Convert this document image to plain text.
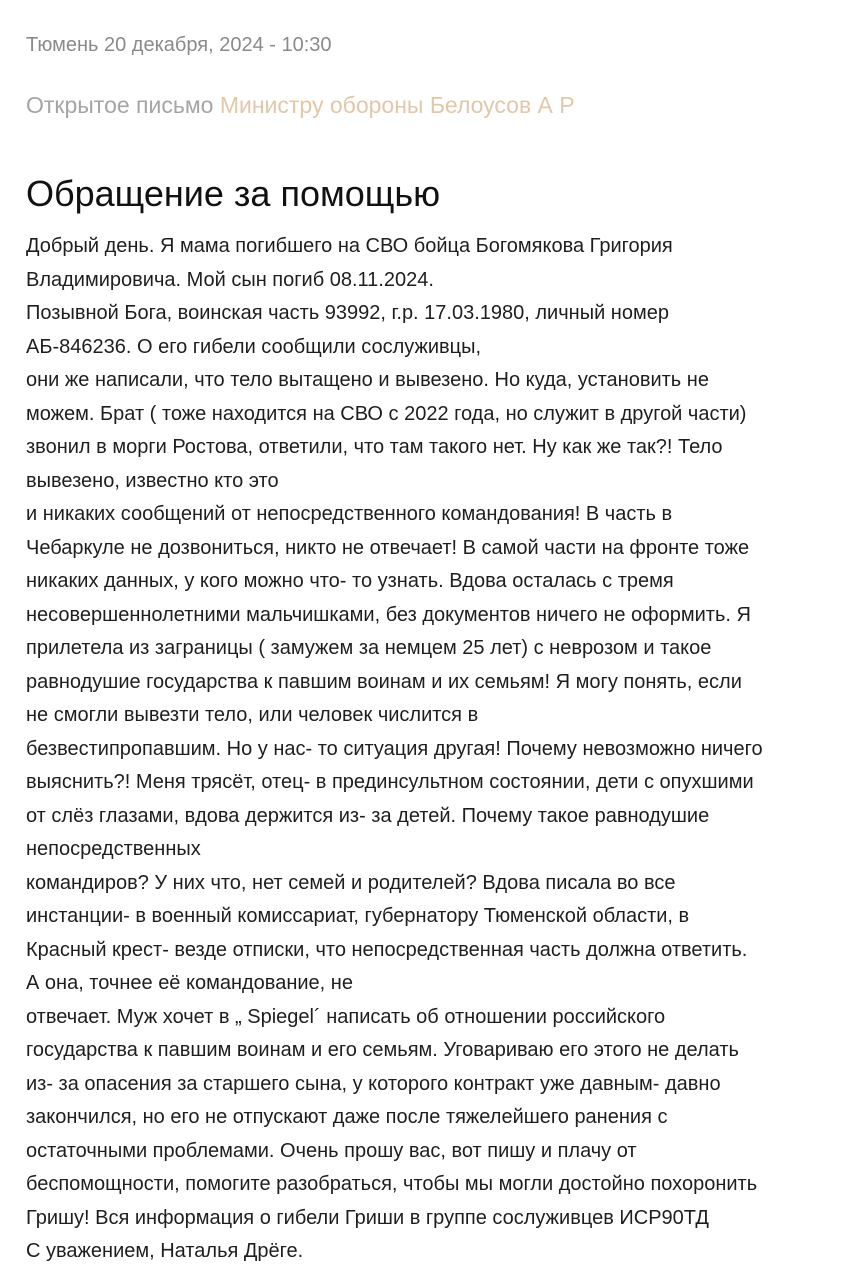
Тюмень 20 декабря, 2024 - 10:30
Открытое письмо Министру обороны Белоусов А Р
Обращение за помощью
Добрый день. Я мама погибшего на СВО бойца Богомякова Григория
Владимировича. Мой сын погиб 08.11.2024.
Позывной Бога, воинская часть 93992, г.р. 17.03.1980, личный номер
АБ-846236. О его гибели сообщили сослуживцы,
они же написали, что тело вытащено и вывезено. Но куда, установить не
можем. Брат ( тоже находится на СВО с 2022 года, но служит в другой части)
звонил в морги Ростова, ответили, что там такого нет. Ну как же так?! Тело
вывезено, известно кто это
и никаких сообщений от непосредственного командования! В часть в
Чебаркуле не дозвониться, никто не отвечает! В самой части на фронте тоже
никаких данных, у кого можно что- то узнать. Вдова осталась с тремя
несовершеннолетними мальчишками, без документов ничего не оформить. Я
прилетела из заграницы ( замужем за немцем 25 лет) с неврозом и такое
равнодушие государства к павшим воинам и их семьям! Я могу понять, если
не смогли вывезти тело, или человек числится в
безвестипропавшим. Но у нас- то ситуация другая! Почему невозможно ничего
выяснить?! Меня трясёт, отец- в прединсультном состоянии, дети с опухшими
от слёз глазами, вдова держится из- за детей. Почему такое равнодушие
непосредственных
командиров? У них что, нет семей и родителей? Вдова писала во все
инстанции- в военный комиссариат, губернатору Тюменской области, в
Красный крест- везде отписки, что непосредственная часть должна ответить.
А она, точнее её командование, не
отвечает. Муж хочет в „ Spiegel´ написать об отношении российского
государства к павшим воинам и его семьям. Уговариваю его этого не делать
из- за опасения за старшего сына, у которого контракт уже давным- давно
закончился, но его не отпускают даже после тяжелейшего ранения с
остаточными проблемами. Очень прошу вас, вот пишу и плачу от
беспомощности, помогите разобраться, чтобы мы могли достойно похоронить
Гришу! Вся информация о гибели Гриши в группе сослуживцев ИСР90ТД
С уважением, Наталья Дрёге.
